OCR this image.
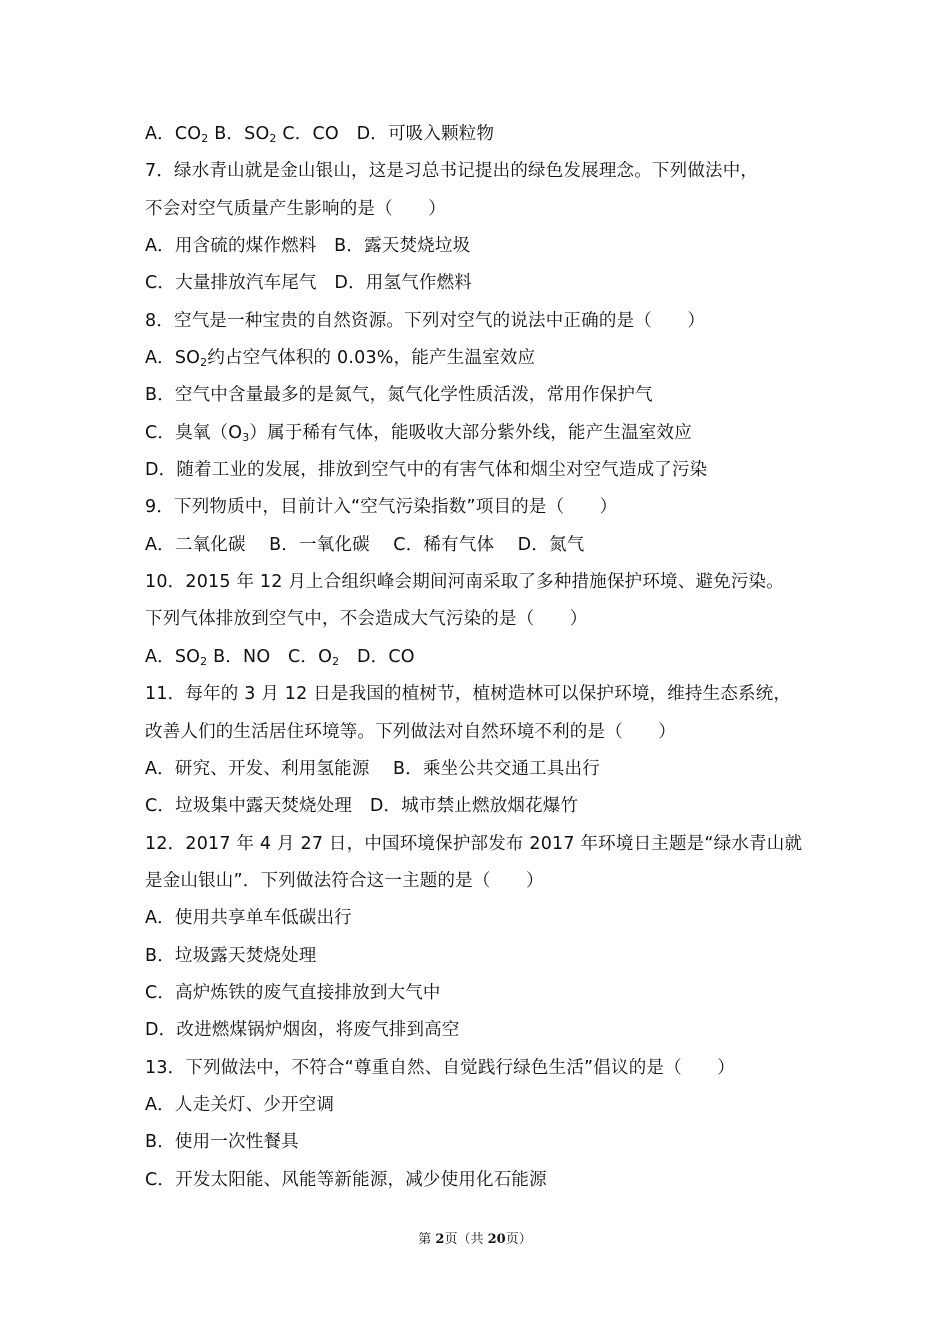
A．$CO_2$ B．$SO_2$ C．CO　D．可吸入颗粒物
7．绿水青山就是金山银山，这是习总书记提出的绿色发展理念。下列做法中，
不会对空气质量产生影响的是（　　）
A．用含硫的煤作燃料　B．露天焚烧垃圾
C．大量排放汽车尾气　D．用氢气作燃料
8．空气是一种宝贵的自然资源。下列对空气的说法中正确的是（　　）
A．$SO_2$约占空气体积的 0.03%，能产生温室效应
B．空气中含量最多的是氮气，氮气化学性质活泼，常用作保护气
C．臭氧$(O_3)$属于稀有气体，能吸收大部分紫外线，能产生温室效应
D．随着工业的发展，排放到空气中的有害气体和烟尘对空气造成了污染
9．下列物质中，目前计入“空气污染指数”项目的是（　　）
A．二氧化碳　 B．一氧化碳　 C．稀有气体　 D．氮气
10．2015 年 12 月上合组织峰会期间河南采取了多种措施保护环境、避免污染。
下列气体排放到空气中，不会造成大气污染的是（　　）
A．$SO_2$ B．NO　C．$O_2$　D．CO
11．每年的 3 月 12 日是我国的植树节，植树造林可以保护环境，维持生态系统，
改善人们的生活居住环境等。下列做法对自然环境不利的是（　　）
A．研究、开发、利用氢能源　 B．乘坐公共交通工具出行
C．垃圾集中露天焚烧处理　D．城市禁止燃放烟花爆竹
12．2017 年 4 月 27 日，中国环境保护部发布 2017 年环境日主题是“绿水青山就
是金山银山”．下列做法符合这一主题的是（　　）
A．使用共享单车低碳出行
B．垃圾露天焚烧处理
C．高炉炼铁的废气直接排放到大气中
D．改进燃煤锅炉烟囱，将废气排到高空
13．下列做法中，不符合“尊重自然、自觉践行绿色生活”倡议的是（　　）
A．人走关灯、少开空调
B．使用一次性餐具
C．开发太阳能、风能等新能源，减少使用化石能源
第 2页（共 20页）
